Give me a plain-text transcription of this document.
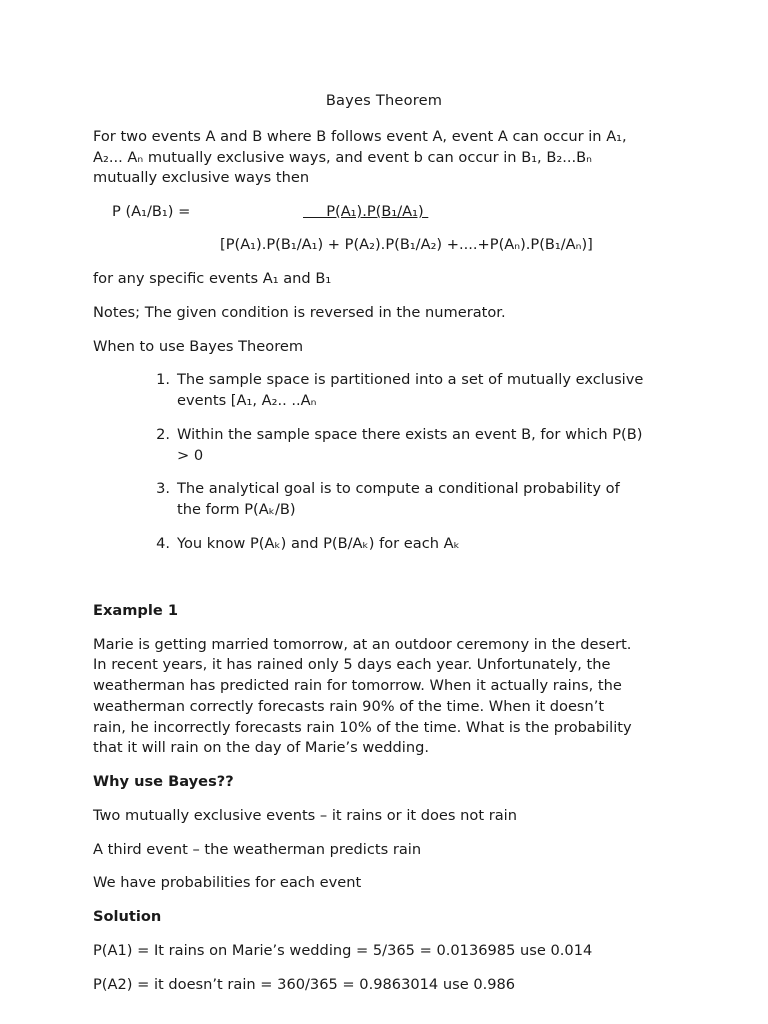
Bayes Theorem

For two events A and B where B follows event A, event A can occur in A₁,

A₂... Aₙ mutually exclusive ways, and event b can occur in B₁, B₂...Bₙ

mutually exclusive ways then

P (A₁/B₁) =	P(A₁).P(B₁/A₁)
[P(A₁).P(B₁/A₁) + P(A₂).P(B₁/A₂) +....+P(Aₙ).P(B₁/Aₙ)]

for any specific events A₁ and B₁

Notes; The given condition is reversed in the numerator.

When to use Bayes Theorem

1. The sample space is partitioned into a set of mutually exclusive
events [A₁, A₂.. ..Aₙ
2. Within the sample space there exists an event B, for which P(B)
> 0
3. The analytical goal is to compute a conditional probability of
the form P(Aₖ/B)
4. You know P(Aₖ) and P(B/Aₖ) for each Aₖ

Example 1

Marie is getting married tomorrow, at an outdoor ceremony in the desert.

In recent years, it has rained only 5 days each year. Unfortunately, the

weatherman has predicted rain for tomorrow. When it actually rains, the

weatherman correctly forecasts rain 90% of the time. When it doesn’t

rain, he incorrectly forecasts rain 10% of the time. What is the probability

that it will rain on the day of Marie’s wedding.

Why use Bayes??

Two mutually exclusive events – it rains or it does not rain

A third event – the weatherman predicts rain

We have probabilities for each event

Solution

P(A1) = It rains on Marie’s wedding = 5/365 = 0.0136985 use 0.014

P(A2) = it doesn’t rain = 360/365 = 0.9863014 use 0.986
